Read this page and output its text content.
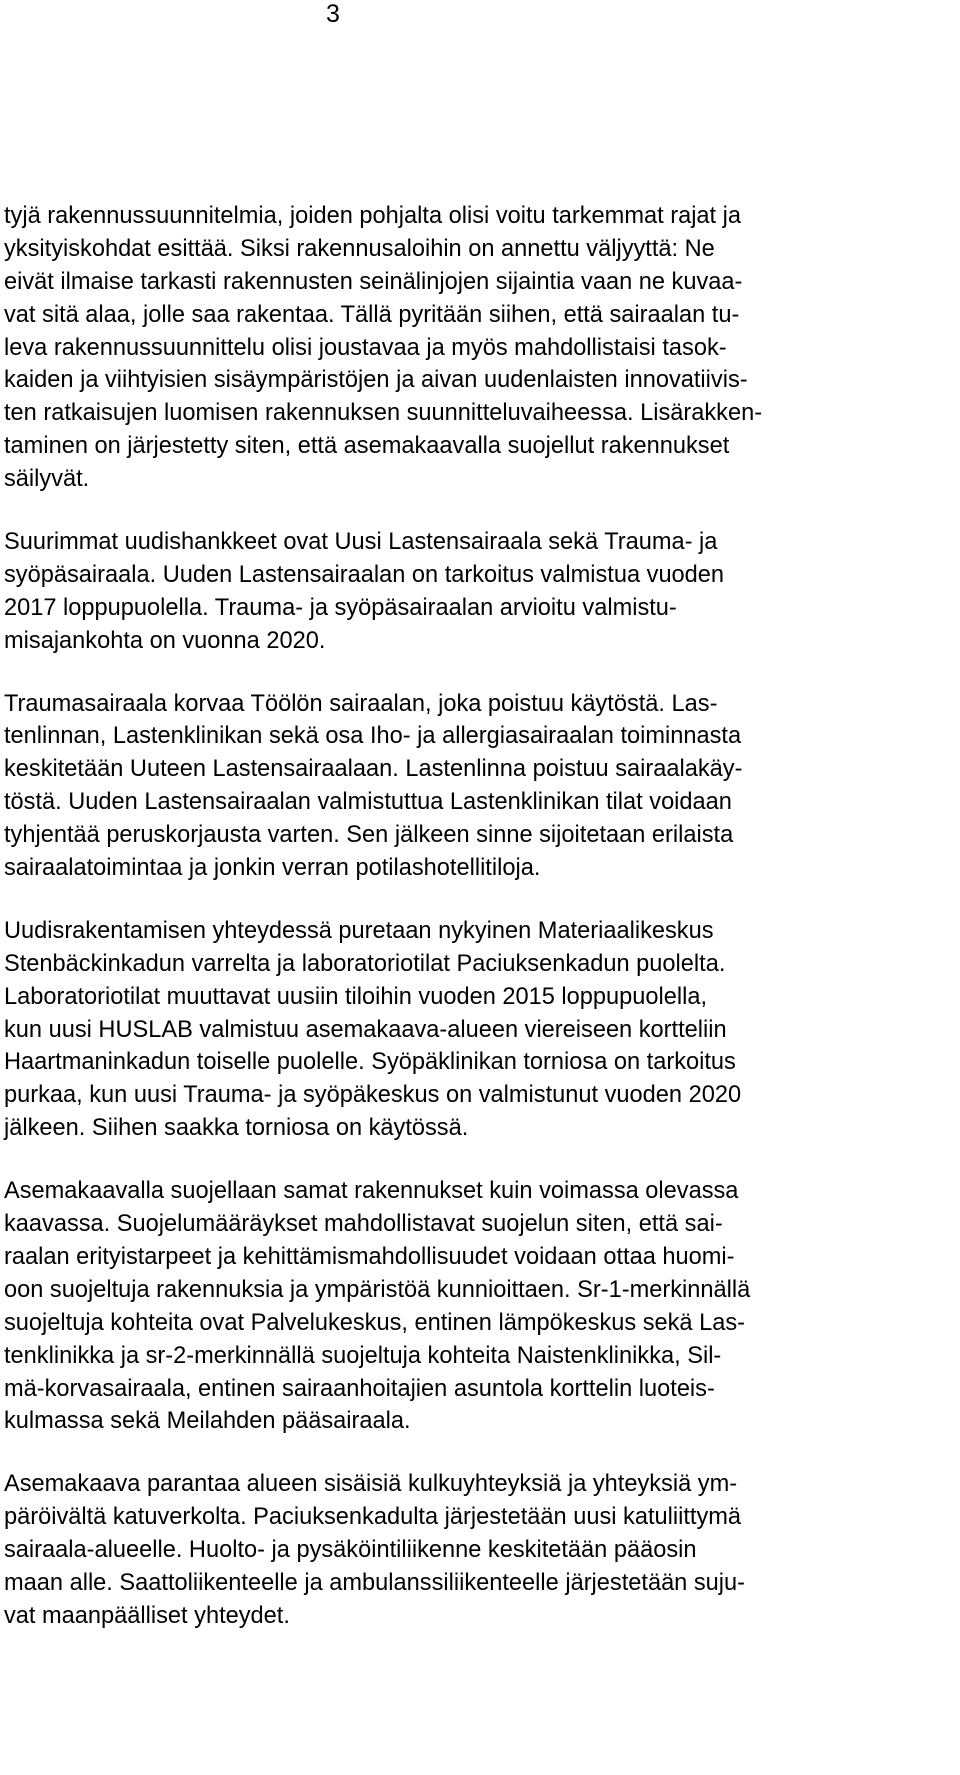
3
tyjä rakennussuunnitelmia, joiden pohjalta olisi voitu tarkemmat rajat ja
yksityiskohdat esittää. Siksi rakennusaloihin on annettu väljyyttä: Ne
eivät ilmaise tarkasti rakennusten seinälinjojen sijaintia vaan ne kuvaa-
vat sitä alaa, jolle saa rakentaa. Tällä pyritään siihen, että sairaalan tu-
leva rakennussuunnittelu olisi joustavaa ja myös mahdollistaisi tasok-
kaiden ja viihtyisien sisäympäristöjen ja aivan uudenlaisten innovatiivis-
ten ratkaisujen luomisen rakennuksen suunnitteluvaiheessa. Lisärakken-
taminen on järjestetty siten, että asemakaavalla suojellut rakennukset
säilyvät.
Suurimmat uudishankkeet ovat Uusi Lastensairaala sekä Trauma- ja
syöpäsairaala. Uuden Lastensairaalan on tarkoitus valmistua vuoden
2017 loppupuolella. Trauma- ja syöpäsairaalan arvioitu valmistu-
misajankohta on vuonna 2020.
Traumasairaala korvaa Töölön sairaalan, joka poistuu käytöstä. Las-
tenlinnan, Lastenklinikan sekä osa Iho- ja allergiasairaalan toiminnasta
keskitetään Uuteen Lastensairaalaan. Lastenlinna poistuu sairaalakäy-
töstä. Uuden Lastensairaalan valmistuttua Lastenklinikan tilat voidaan
tyhjentää peruskorjausta varten. Sen jälkeen sinne sijoitetaan erilaista
sairaalatoimintaa ja jonkin verran potilashotellitiloja.
Uudisrakentamisen yhteydessä puretaan nykyinen Materiaalikeskus
Stenbäckinkadun varrelta ja laboratoriotilat Paciuksenkadun puolelta.
Laboratoriotilat muuttavat uusiin tiloihin vuoden 2015 loppupuolella,
kun uusi HUSLAB valmistuu asemakaava-alueen viereiseen kortteliin
Haartmaninkadun toiselle puolelle. Syöpäklinikan torniosa on tarkoitus
purkaa, kun uusi Trauma- ja syöpäkeskus on valmistunut vuoden 2020
jälkeen. Siihen saakka torniosa on käytössä.
Asemakaavalla suojellaan samat rakennukset kuin voimassa olevassa
kaavassa. Suojelumääräykset mahdollistavat suojelun siten, että sai-
raalan erityistarpeet ja kehittämismahdollisuudet voidaan ottaa huomi-
oon suojeltuja rakennuksia ja ympäristöä kunnioittaen. Sr-1-merkinnällä
suojeltuja kohteita ovat Palvelukeskus, entinen lämpökeskus sekä Las-
tenklinikka ja sr-2-merkinnällä suojeltuja kohteita Naistenklinikka, Sil-
mä-korvasairaala, entinen sairaanhoitajien asuntola korttelin luoteis-
kulmassa sekä Meilahden pääsairaala.
Asemakaava parantaa alueen sisäisiä kulkuyhteyksiä ja yhteyksiä ym-
päröivältä katuverkolta. Paciuksenkadulta järjestetään uusi katuliittymä
sairaala-alueelle. Huolto- ja pysäköintiliikenne keskitetään pääosin
maan alle. Saattoliikenteelle ja ambulanssiliikenteelle järjestetään suju-
vat maanpäälliset yhteydet.
